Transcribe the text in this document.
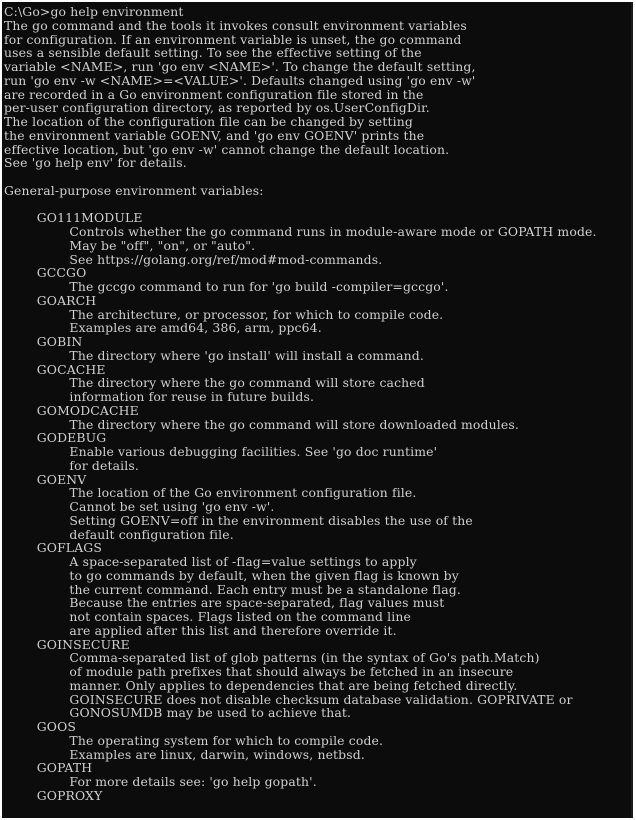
C:\Go>go help environment
The go command and the tools it invokes consult environment variables
for configuration. If an environment variable is unset, the go command
uses a sensible default setting. To see the effective setting of the
variable <NAME>, run 'go env <NAME>'. To change the default setting,
run 'go env -w <NAME>=<VALUE>'. Defaults changed using 'go env -w'
are recorded in a Go environment configuration file stored in the
per-user configuration directory, as reported by os.UserConfigDir.
The location of the configuration file can be changed by setting
the environment variable GOENV, and 'go env GOENV' prints the
effective location, but 'go env -w' cannot change the default location.
See 'go help env' for details.
General-purpose environment variables:
GO111MODULE
Controls whether the go command runs in module-aware mode or GOPATH mode.
May be "off", "on", or "auto".
See https://golang.org/ref/mod#mod-commands.
GCCGO
The gccgo command to run for 'go build -compiler=gccgo'.
GOARCH
The architecture, or processor, for which to compile code.
Examples are amd64, 386, arm, ppc64.
GOBIN
The directory where 'go install' will install a command.
GOCACHE
The directory where the go command will store cached
information for reuse in future builds.
GOMODCACHE
The directory where the go command will store downloaded modules.
GODEBUG
Enable various debugging facilities. See 'go doc runtime'
for details.
GOENV
The location of the Go environment configuration file.
Cannot be set using 'go env -w'.
Setting GOENV=off in the environment disables the use of the
default configuration file.
GOFLAGS
A space-separated list of -flag=value settings to apply
to go commands by default, when the given flag is known by
the current command. Each entry must be a standalone flag.
Because the entries are space-separated, flag values must
not contain spaces. Flags listed on the command line
are applied after this list and therefore override it.
GOINSECURE
Comma-separated list of glob patterns (in the syntax of Go's path.Match)
of module path prefixes that should always be fetched in an insecure
manner. Only applies to dependencies that are being fetched directly.
GOINSECURE does not disable checksum database validation. GOPRIVATE or
GONOSUMDB may be used to achieve that.
GOOS
The operating system for which to compile code.
Examples are linux, darwin, windows, netbsd.
GOPATH
For more details see: 'go help gopath'.
GOPROXY
